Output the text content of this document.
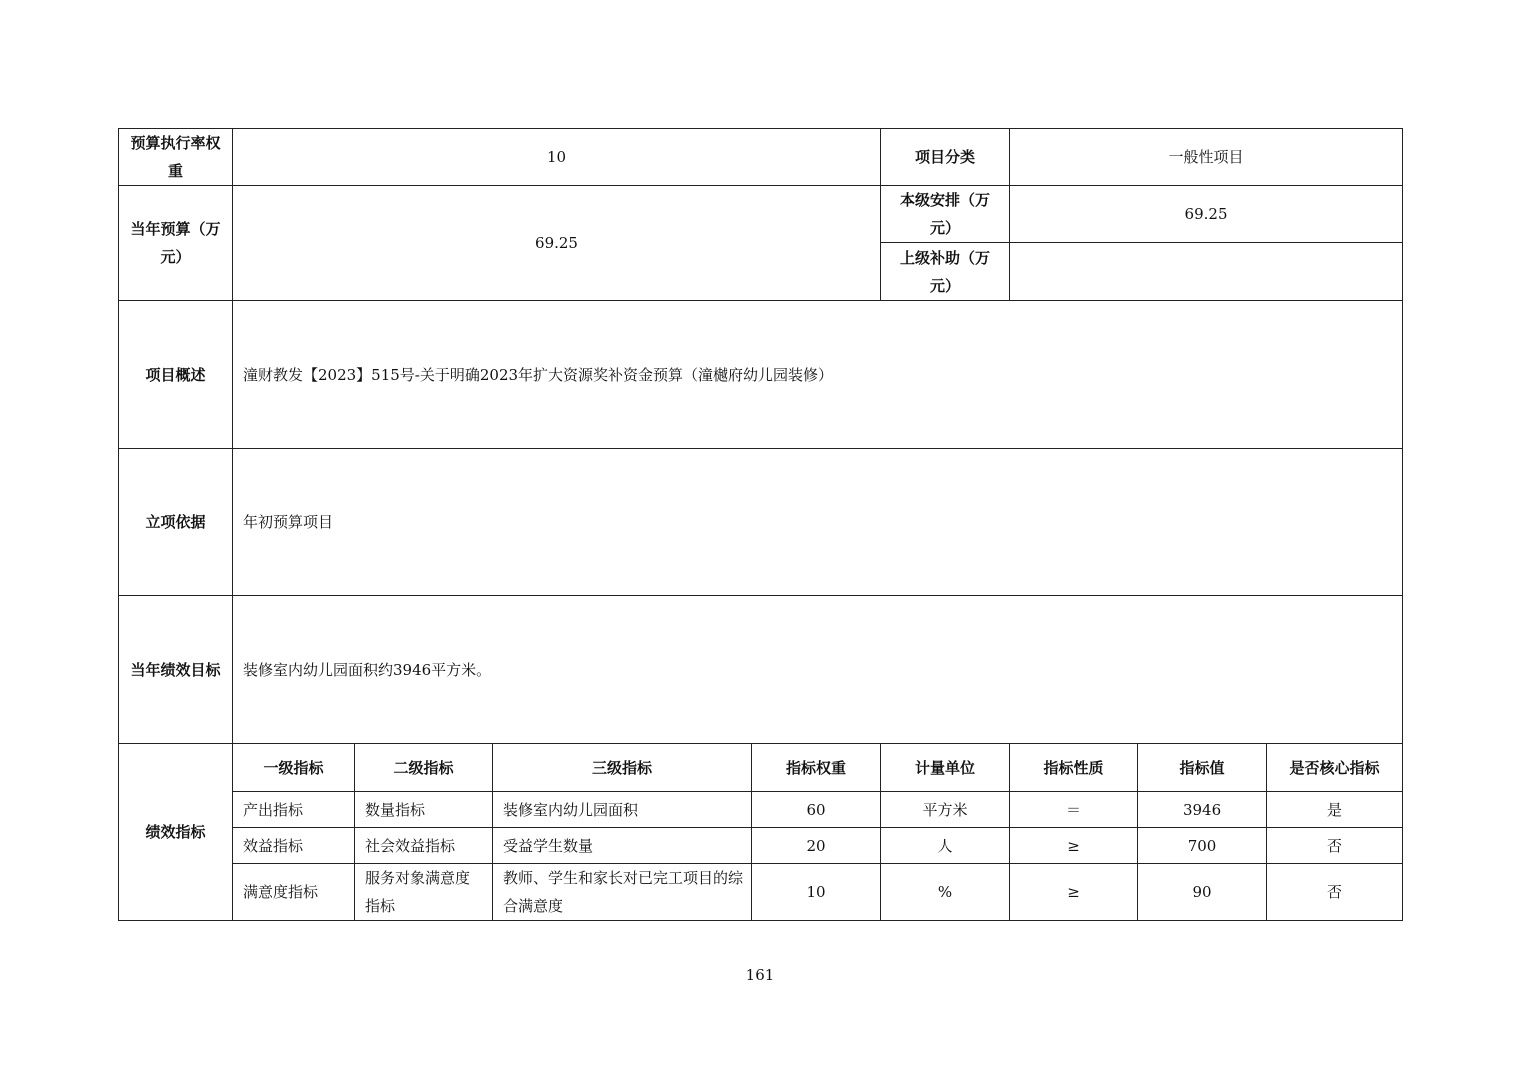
预算执行率权重	10				项目分类	一般性项目		
当年预算（万元）	69.25				本级安排（万元）	69.25		
					上级补助（万元）			
项目概述	潼财教发【2023】515号-关于明确2023年扩大资源奖补资金预算（潼樾府幼儿园装修）							
立项依据	年初预算项目							
当年绩效目标	装修室内幼儿园面积约3946平方米。							
绩效指标	一级指标	二级指标	三级指标	指标权重	计量单位	指标性质	指标值	是否核心指标
	产出指标	数量指标	装修室内幼儿园面积	60	平方米	＝	3946	是
	效益指标	社会效益指标	受益学生数量	20	人	≥	700	否
	满意度指标	服务对象满意度指标	教师、学生和家长对已完工项目的综合满意度	10	%	≥	90	否
161
